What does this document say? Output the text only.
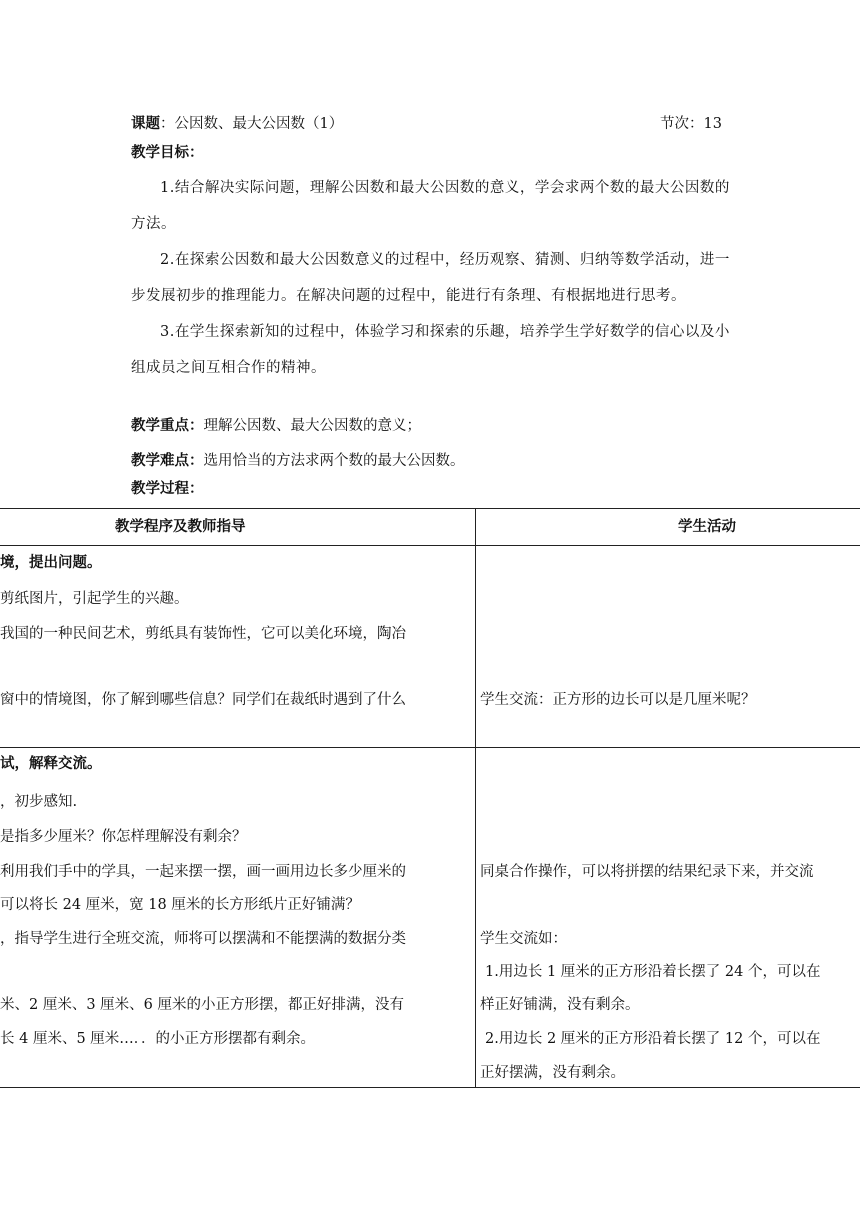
课题：公因数、最大公因数（1）	节次：13
教学目标：

1.结合解决实际问题，理解公因数和最大公因数的意义，学会求两个数的最大公因数的方法。

2.在探索公因数和最大公因数意义的过程中，经历观察、猜测、归纳等数学活动，进一步发展初步的推理能力。在解决问题的过程中，能进行有条理、有根据地进行思考。

3.在学生探索新知的过程中，体验学习和探索的乐趣，培养学生学好数学的信心以及小组成员之间互相合作的精神。

教学重点：理解公因数、最大公因数的意义；
教学难点：选用恰当的方法求两个数的最大公因数。
教学过程：
教学程序及教师指导	学生活动
境，提出问题。
剪纸图片，引起学生的兴趣。
我国的一种民间艺术，剪纸具有装饰性，它可以美化环境，陶冶
窗中的情境图，你了解到哪些信息？同学们在裁纸时遇到了什么
试，解释交流。
，初步感知.
是指多少厘米？你怎样理解没有剩余？
利用我们手中的学具，一起来摆一摆，画一画用边长多少厘米的
可以将长 24 厘米，宽 18 厘米的长方形纸片正好铺满？
，指导学生进行全班交流，师将可以摆满和不能摆满的数据分类
米、2 厘米、3 厘米、6 厘米的小正方形摆，都正好排满，没有
长 4 厘米、5 厘米…．．的小正方形摆都有剩余。
学生交流：正方形的边长可以是几厘米呢？
同桌合作操作，可以将拼摆的结果纪录下来，并交流
学生交流如：
1.用边长 1 厘米的正方形沿着长摆了 24 个，可以在
样正好铺满，没有剩余。
2.用边长 2 厘米的正方形沿着长摆了 12 个，可以在
正好摆满，没有剩余。
